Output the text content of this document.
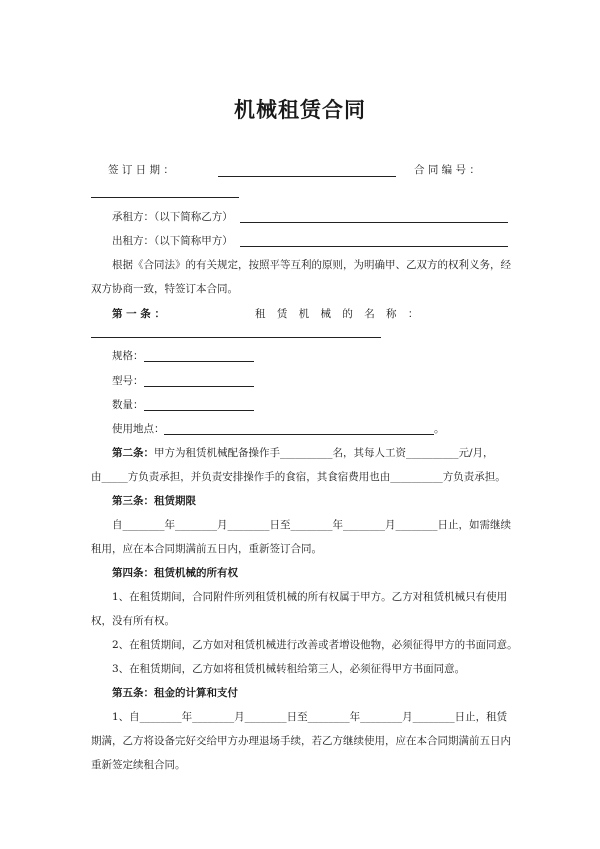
机械租赁合同
签 订 日 期 ：	合 同 编 号 ：
承租方：（以下简称乙方）
出租方：（以下简称甲方）
根据《合同法》的有关规定，按照平等互利的原则，为明确甲、乙双方的权利义务，经
双方协商一致，特签订本合同。
第 一 条 ：	租 赁 机 械 的 名 称 ：
规格：
型号：
数量：
使用地点：	。
第二条：甲方为租赁机械配备操作手__________名，其每人工资__________元/月，
由_____方负责承担，并负责安排操作手的食宿，其食宿费用也由__________方负责承担。
第三条：租赁期限
自________年________月________日至________年________月________日止，如需继续
租用，应在本合同期满前五日内，重新签订合同。
第四条：租赁机械的所有权
1、在租赁期间，合同附件所列租赁机械的所有权属于甲方。乙方对租赁机械只有使用
权，没有所有权。
2、在租赁期间，乙方如对租赁机械进行改善或者增设他物，必须征得甲方的书面同意。
3、在租赁期间，乙方如将租赁机械转租给第三人，必须征得甲方书面同意。
第五条：租金的计算和支付
1、自________年________月________日至________年________月________日止，租赁
期满，乙方将设备完好交给甲方办理退场手续，若乙方继续使用，应在本合同期满前五日内
重新签定续租合同。
